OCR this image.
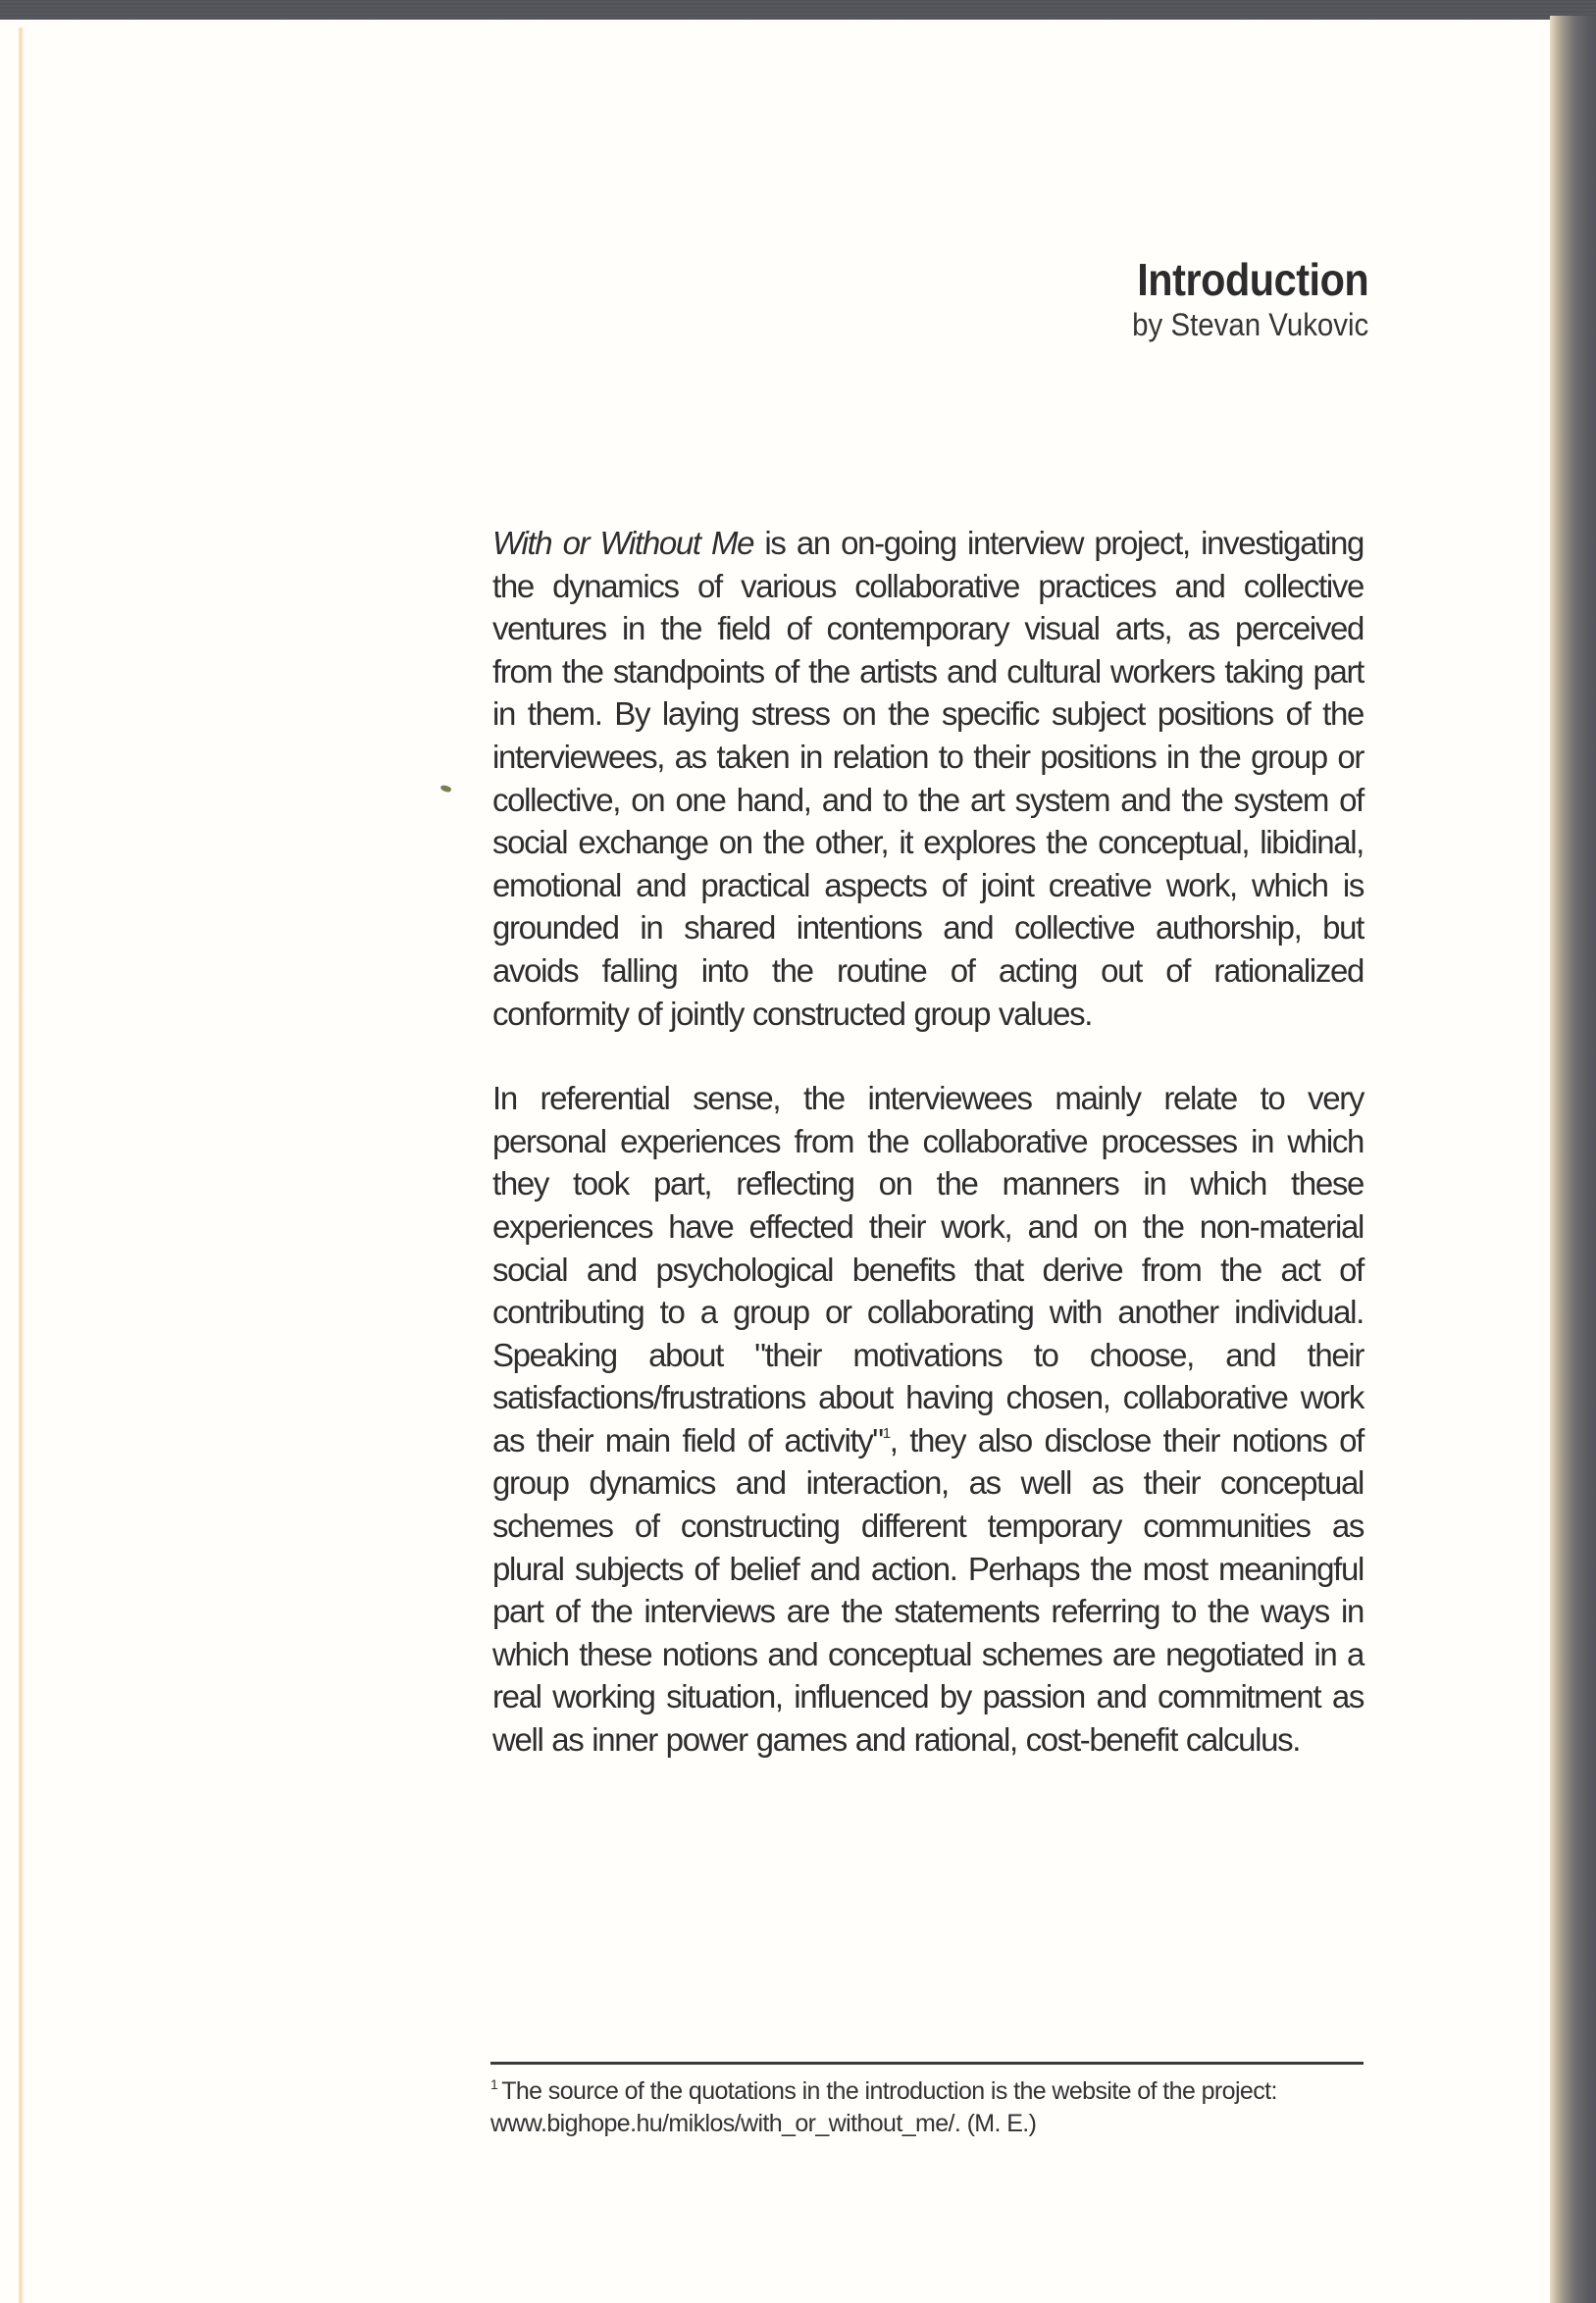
Introduction
by Stevan Vukovic

With or Without Me is an on-going interview project, investigating the dynamics of various collaborative practices and collective ventures in the field of contemporary visual arts, as perceived from the standpoints of the artists and cultural workers taking part in them. By laying stress on the specific subject positions of the interviewees, as taken in relation to their positions in the group or collective, on one hand, and to the art system and the system of social exchange on the other, it explores the conceptual, libidinal, emotional and practical aspects of joint creative work, which is grounded in shared intentions and collective authorship, but avoids falling into the routine of acting out of rationalized conformity of jointly constructed group values.

In referential sense, the interviewees mainly relate to very personal experiences from the collaborative processes in which they took part, reflecting on the manners in which these experiences have effected their work, and on the non-material social and psychological benefits that derive from the act of contributing to a group or collaborating with another individual. Speaking about "their motivations to choose, and their satisfactions/frustrations about having chosen, collaborative work as their main field of activity"$^1$, they also disclose their notions of group dynamics and interaction, as well as their conceptual schemes of constructing different temporary communities as plural subjects of belief and action. Perhaps the most meaningful part of the interviews are the statements referring to the ways in which these notions and conceptual schemes are negotiated in a real working situation, influenced by passion and commitment as well as inner power games and rational, cost-benefit calculus.

$^1$ The source of the quotations in the introduction is the website of the project:
www.bighope.hu/miklos/with_or_without_me/. (M. E.)
